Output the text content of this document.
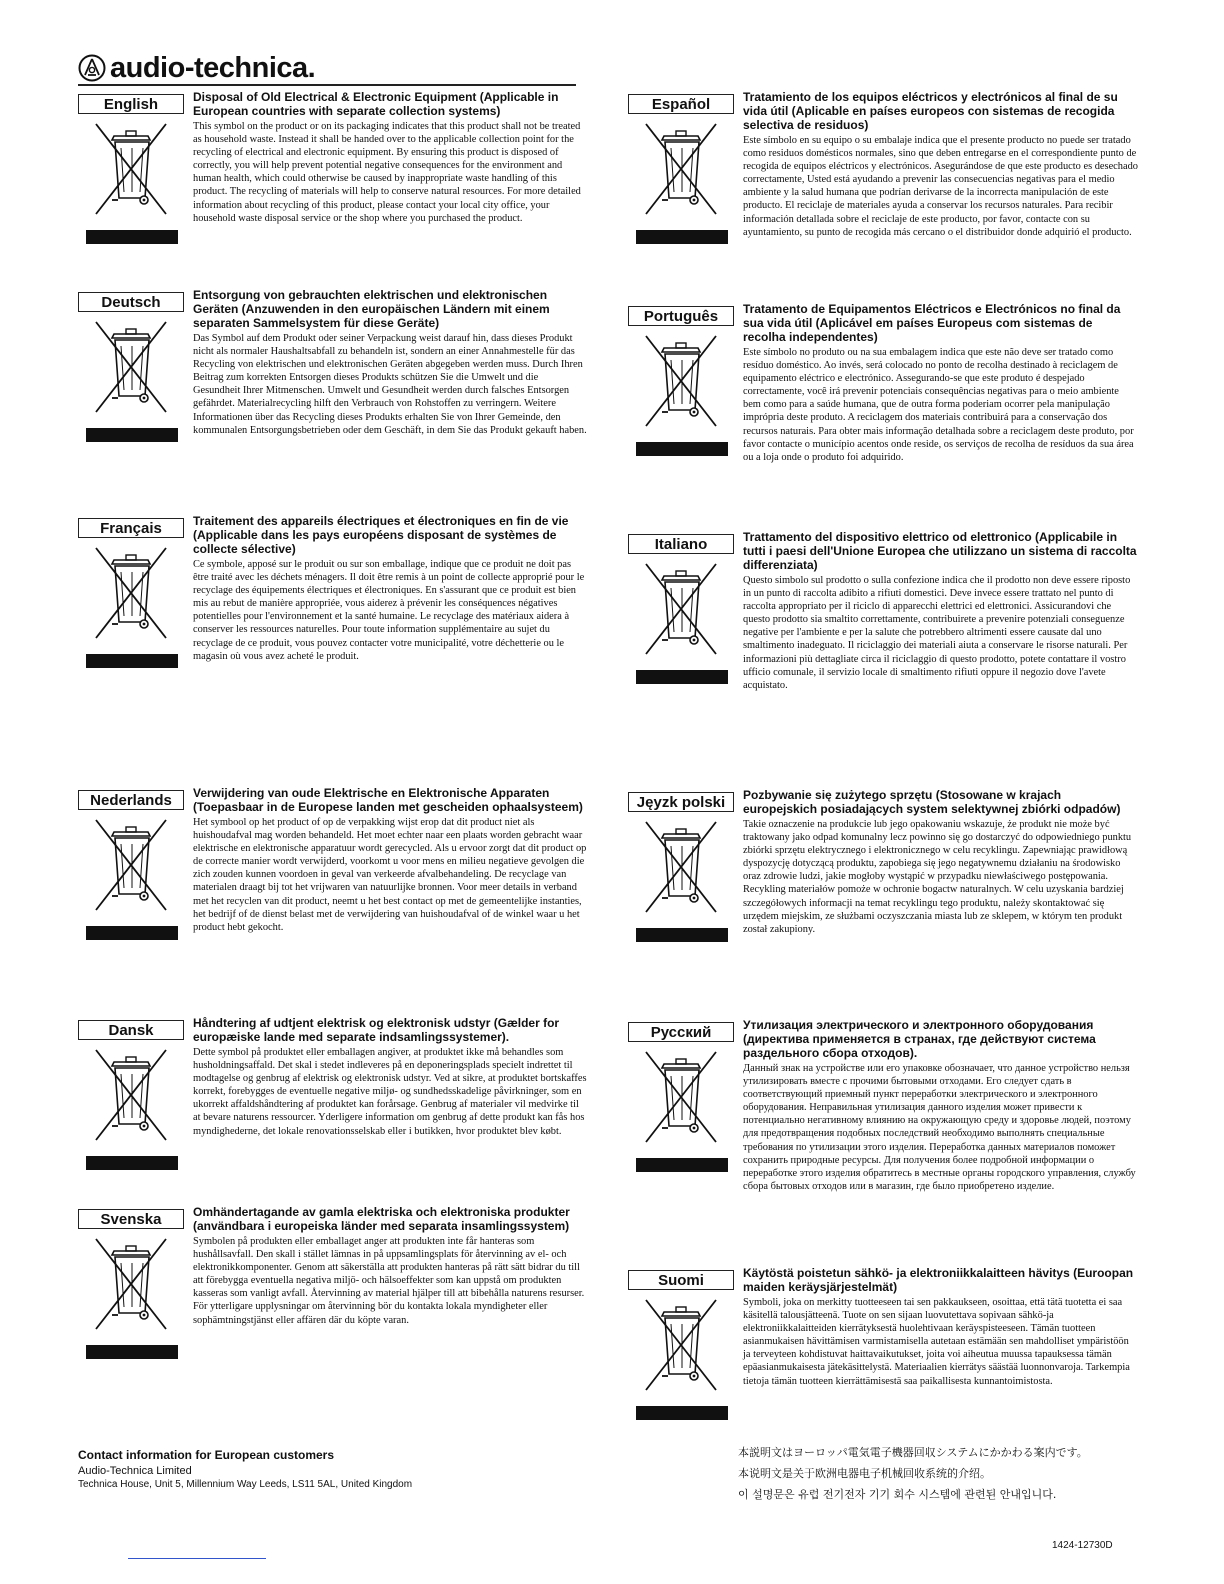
audio-technica.
English	Disposal of Old Electrical & Electronic Equipment (Applicable in European countries with separate collection systems)

This symbol on the product or on its packaging indicates that this product shall not be treated as household waste. Instead it shall be handed over to the applicable collection point for the recycling of electrical and electronic equipment. By ensuring this product is disposed of correctly, you will help prevent potential negative consequences for the environment and human health, which could otherwise be caused by inappropriate waste handling of this product. The recycling of materials will help to conserve natural resources. For more detailed information about recycling of this product, please contact your local city office, your household waste disposal service or the shop where you purchased the product.

Deutsch	Entsorgung von gebrauchten elektrischen und elektronischen Geräten (Anzuwenden in den europäischen Ländern mit einem separaten Sammelsystem für diese Geräte)

Das Symbol auf dem Produkt oder seiner Verpackung weist darauf hin, dass dieses Produkt nicht als normaler Haushaltsabfall zu behandeln ist, sondern an einer Annahmestelle für das Recycling von elektrischen und elektronischen Geräten abgegeben werden muss. Durch Ihren Beitrag zum korrekten Entsorgen dieses Produkts schützen Sie die Umwelt und die Gesundheit Ihrer Mitmenschen. Umwelt und Gesundheit werden durch falsches Entsorgen gefährdet. Materialrecycling hilft den Verbrauch von Rohstoffen zu verringern. Weitere Informationen über das Recycling dieses Produkts erhalten Sie von Ihrer Gemeinde, den kommunalen Entsorgungsbetrieben oder dem Geschäft, in dem Sie das Produkt gekauft haben.

Français	Traitement des appareils électriques et électroniques en fin de vie (Applicable dans les pays européens disposant de systèmes de collecte sélective)

Ce symbole, apposé sur le produit ou sur son emballage, indique que ce produit ne doit pas être traité avec les déchets ménagers. Il doit être remis à un point de collecte approprié pour le recyclage des équipements électriques et électroniques. En s'assurant que ce produit est bien mis au rebut de manière appropriée, vous aiderez à prévenir les conséquences négatives potentielles pour l'environnement et la santé humaine. Le recyclage des matériaux aidera à conserver les ressources naturelles. Pour toute information supplémentaire au sujet du recyclage de ce produit, vous pouvez contacter votre municipalité, votre déchetterie ou le magasin où vous avez acheté le produit.

Nederlands	Verwijdering van oude Elektrische en Elektronische Apparaten (Toepasbaar in de Europese landen met gescheiden ophaalsysteem)

Het symbool op het product of op de verpakking wijst erop dat dit product niet als huishoudafval mag worden behandeld. Het moet echter naar een plaats worden gebracht waar elektrische en elektronische apparatuur wordt gerecycled. Als u ervoor zorgt dat dit product op de correcte manier wordt verwijderd, voorkomt u voor mens en milieu negatieve gevolgen die zich zouden kunnen voordoen in geval van verkeerde afvalbehandeling. De recyclage van materialen draagt bij tot het vrijwaren van natuurlijke bronnen. Voor meer details in verband met het recyclen van dit product, neemt u het best contact op met de gemeentelijke instanties, het bedrijf of de dienst belast met de verwijdering van huishoudafval of de winkel waar u het product hebt gekocht.

Dansk	Håndtering af udtjent elektrisk og elektronisk udstyr (Gælder for europæiske lande med separate indsamlingssystemer).

Dette symbol på produktet eller emballagen angiver, at produktet ikke må behandles som husholdningsaffald. Det skal i stedet indleveres på en deponeringsplads specielt indrettet til modtagelse og genbrug af elektrisk og elektronisk udstyr. Ved at sikre, at produktet bortskaffes korrekt, forebygges de eventuelle negative miljø- og sundhedsskadelige påvirkninger, som en ukorrekt affaldshåndtering af produktet kan forårsage. Genbrug af materialer vil medvirke til at bevare naturens ressourcer. Yderligere information om genbrug af dette produkt kan fås hos myndighederne, det lokale renovationsselskab eller i butikken, hvor produktet blev købt.

Svenska	Omhändertagande av gamla elektriska och elektroniska produkter (användbara i europeiska länder med separata insamlingssystem)

Symbolen på produkten eller emballaget anger att produkten inte får hanteras som hushållsavfall. Den skall i stället lämnas in på uppsamlingsplats för återvinning av el- och elektronikkomponenter. Genom att säkerställa att produkten hanteras på rätt sätt bidrar du till att förebygga eventuella negativa miljö- och hälsoeffekter som kan uppstå om produkten kasseras som vanligt avfall. Återvinning av material hjälper till att bibehålla naturens resurser. För ytterligare upplysningar om återvinning bör du kontakta lokala myndigheter eller sophämtningstjänst eller affären där du köpte varan.

Español	Tratamiento de los equipos eléctricos y electrónicos al final de su vida útil (Aplicable en países europeos con sistemas de recogida selectiva de residuos)

Este símbolo en su equipo o su embalaje indica que el presente producto no puede ser tratado como residuos domésticos normales, sino que deben entregarse en el correspondiente punto de recogida de equipos eléctricos y electrónicos. Asegurándose de que este producto es desechado correctamente, Usted está ayudando a prevenir las consecuencias negativas para el medio ambiente y la salud humana que podrían derivarse de la incorrecta manipulación de este producto. El reciclaje de materiales ayuda a conservar los recursos naturales. Para recibir información detallada sobre el reciclaje de este producto, por favor, contacte con su ayuntamiento, su punto de recogida más cercano o el distribuidor donde adquirió el producto.

Português	Tratamento de Equipamentos Eléctricos e Electrónicos no final da sua vida útil (Aplicável em países Europeus com sistemas de recolha independentes)

Este símbolo no produto ou na sua embalagem indica que este não deve ser tratado como resíduo doméstico. Ao invés, será colocado no ponto de recolha destinado à reciclagem de equipamento eléctrico e electrónico. Assegurando-se que este produto é despejado correctamente, você irá prevenir potenciais consequências negativas para o meio ambiente bem como para a saúde humana, que de outra forma poderiam ocorrer pela manipulação imprópria deste produto. A reciclagem dos materiais contribuirá para a conservação dos recursos naturais. Para obter mais informação detalhada sobre a reciclagem deste produto, por favor contacte o município acentos onde reside, os serviços de recolha de resíduos da sua área ou a loja onde o produto foi adquirido.

Italiano	Trattamento del dispositivo elettrico od elettronico (Applicabile in tutti i paesi dell'Unione Europea che utilizzano un sistema di raccolta differenziata)

Questo simbolo sul prodotto o sulla confezione indica che il prodotto non deve essere riposto in un punto di raccolta adibito a rifiuti domestici. Deve invece essere trattato nel punto di raccolta appropriato per il riciclo di apparecchi elettrici ed elettronici. Assicurandovi che questo prodotto sia smaltito correttamente, contribuirete a prevenire potenziali conseguenze negative per l'ambiente e per la salute che potrebbero altrimenti essere causate dal uno smaltimento inadeguato. Il riciclaggio dei materiali aiuta a conservare le risorse naturali. Per informazioni più dettagliate circa il riciclaggio di questo prodotto, potete contattare il vostro ufficio comunale, il servizio locale di smaltimento rifiuti oppure il negozio dove l'avete acquistato.

Jęyzk polski	Pozbywanie się zużytego sprzętu (Stosowane w krajach europejskich posiadających system selektywnej zbiórki odpadów)

Takie oznaczenie na produkcie lub jego opakowaniu wskazuje, że produkt nie może być traktowany jako odpad komunalny lecz powinno się go dostarczyć do odpowiedniego punktu zbiórki sprzętu elektrycznego i elektronicznego w celu recyklingu. Zapewniając prawidłową dyspozycję dotyczącą produktu, zapobiega się jego negatywnemu działaniu na środowisko oraz zdrowie ludzi, jakie mogłoby wystąpić w przypadku niewłaściwego postępowania. Recykling materiałów pomoże w ochronie bogactw naturalnych. W celu uzyskania bardziej szczegółowych informacji na temat recyklingu tego produktu, należy skontaktować się urzędem miejskim, ze służbami oczyszczania miasta lub ze sklepem, w którym ten produkt został zakupiony.

Русский	Утилизация электрического и электронного оборудования (директива применяется в странах, где действуют система раздельного сбора отходов).

Данный знак на устройстве или его упаковке обозначает, что данное устройство нельзя утилизировать вместе с прочими бытовыми отходами. Его следует сдать в соответствующий приемный пункт переработки электрического и электронного оборудования. Неправильная утилизация данного изделия может привести к потенциально негативному влиянию на окружающую среду и здоровье людей, поэтому для предотвращения подобных последствий необходимо выполнять специальные требования по утилизации этого изделия. Переработка данных материалов поможет сохранить природные ресурсы. Для получения более подробной информации о переработке этого изделия обратитесь в местные органы городского управления, службу сбора бытовых отходов или в магазин, где было приобретено изделие.

Suomi	Käytöstä poistetun sähkö- ja elektroniikkalaitteen hävitys (Euroopan maiden keräysjärjestelmät)

Symboli, joka on merkitty tuotteeseen tai sen pakkaukseen, osoittaa, että tätä tuotetta ei saa käsitellä talousjätteenä. Tuote on sen sijaan luovutettava sopivaan sähkö-ja elektroniikkalaitteiden kierrätyksestä huolehtivaan keräyspisteeseen. Tämän tuotteen asianmukaisen hävittämisen varmistamisella autetaan estämään sen mahdolliset ympäristöön ja terveyteen kohdistuvat haittavaikutukset, joita voi aiheutua muussa tapauksessa tämän epäasianmukaisesta jätekäsittelystä. Materiaalien kierrätys säästää luonnonvaroja. Tarkempia tietoja tämän tuotteen kierrättämisestä saa paikallisesta kunnantoimistosta.

Contact information for European customers

Audio-Technica Limited

Technica House, Unit 5, Millennium Way Leeds, LS11 5AL, United Kingdom

本説明文はヨーロッパ電気電子機器回収システムにかかわる案内です。

本说明文是关于欧洲电器电子机械回收系统的介绍。

이 설명문은 유럽 전기전자 기기 회수 시스템에 관련된 안내입니다.

1424-12730D
